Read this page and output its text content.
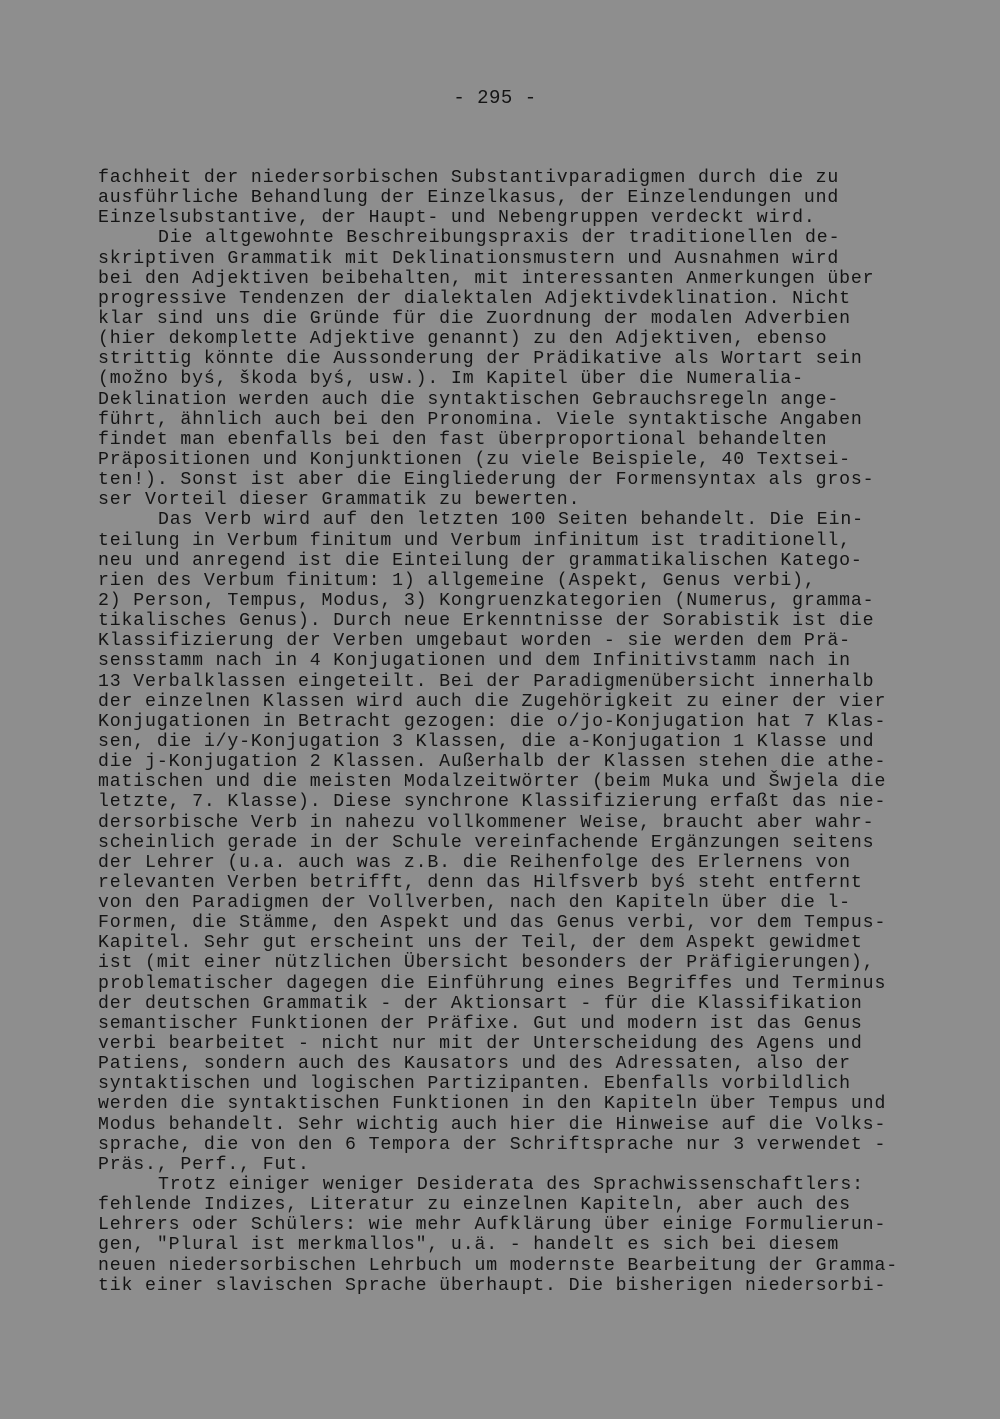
- 295 -
fachheit der niedersorbischen Substantivparadigmen durch die zu
ausführliche Behandlung der Einzelkasus, der Einzelendungen und
Einzelsubstantive, der Haupt- und Nebengruppen verdeckt wird.
Die altgewohnte Beschreibungspraxis der traditionellen de-
skriptiven Grammatik mit Deklinationsmustern und Ausnahmen wird
bei den Adjektiven beibehalten, mit interessanten Anmerkungen über
progressive Tendenzen der dialektalen Adjektivdeklination. Nicht
klar sind uns die Gründe für die Zuordnung der modalen Adverbien
(hier dekomplette Adjektive genannt) zu den Adjektiven, ebenso
strittig könnte die Aussonderung der Prädikative als Wortart sein
(možno byś, škoda byś, usw.). Im Kapitel über die Numeralia-
Deklination werden auch die syntaktischen Gebrauchsregeln ange-
führt, ähnlich auch bei den Pronomina. Viele syntaktische Angaben
findet man ebenfalls bei den fast überproportional behandelten
Präpositionen und Konjunktionen (zu viele Beispiele, 40 Textsei-
ten!). Sonst ist aber die Eingliederung der Formensyntax als gros-
ser Vorteil dieser Grammatik zu bewerten.
Das Verb wird auf den letzten 100 Seiten behandelt. Die Ein-
teilung in Verbum finitum und Verbum infinitum ist traditionell,
neu und anregend ist die Einteilung der grammatikalischen Katego-
rien des Verbum finitum: 1) allgemeine (Aspekt, Genus verbi),
2) Person, Tempus, Modus, 3) Kongruenzkategorien (Numerus, gramma-
tikalisches Genus). Durch neue Erkenntnisse der Sorabistik ist die
Klassifizierung der Verben umgebaut worden - sie werden dem Prä-
sensstamm nach in 4 Konjugationen und dem Infinitivstamm nach in
13 Verbalklassen eingeteilt. Bei der Paradigmenübersicht innerhalb
der einzelnen Klassen wird auch die Zugehörigkeit zu einer der vier
Konjugationen in Betracht gezogen: die o/jo-Konjugation hat 7 Klas-
sen, die i/y-Konjugation 3 Klassen, die a-Konjugation 1 Klasse und
die j-Konjugation 2 Klassen. Außerhalb der Klassen stehen die athe-
matischen und die meisten Modalzeitwörter (beim Muka und Šwjela die
letzte, 7. Klasse). Diese synchrone Klassifizierung erfaßt das nie-
dersorbische Verb in nahezu vollkommener Weise, braucht aber wahr-
scheinlich gerade in der Schule vereinfachende Ergänzungen seitens
der Lehrer (u.a. auch was z.B. die Reihenfolge des Erlernens von
relevanten Verben betrifft, denn das Hilfsverb byś steht entfernt
von den Paradigmen der Vollverben, nach den Kapiteln über die l-
Formen, die Stämme, den Aspekt und das Genus verbi, vor dem Tempus-
Kapitel. Sehr gut erscheint uns der Teil, der dem Aspekt gewidmet
ist (mit einer nützlichen Übersicht besonders der Präfigierungen),
problematischer dagegen die Einführung eines Begriffes und Terminus
der deutschen Grammatik - der Aktionsart - für die Klassifikation
semantischer Funktionen der Präfixe. Gut und modern ist das Genus
verbi bearbeitet - nicht nur mit der Unterscheidung des Agens und
Patiens, sondern auch des Kausators und des Adressaten, also der
syntaktischen und logischen Partizipanten. Ebenfalls vorbildlich
werden die syntaktischen Funktionen in den Kapiteln über Tempus und
Modus behandelt. Sehr wichtig auch hier die Hinweise auf die Volks-
sprache, die von den 6 Tempora der Schriftsprache nur 3 verwendet -
Präs., Perf., Fut.
Trotz einiger weniger Desiderata des Sprachwissenschaftlers:
fehlende Indizes, Literatur zu einzelnen Kapiteln, aber auch des
Lehrers oder Schülers: wie mehr Aufklärung über einige Formulierun-
gen, "Plural ist merkmallos", u.ä. - handelt es sich bei diesem
neuen niedersorbischen Lehrbuch um modernste Bearbeitung der Gramma-
tik einer slavischen Sprache überhaupt. Die bisherigen niedersorbi-
